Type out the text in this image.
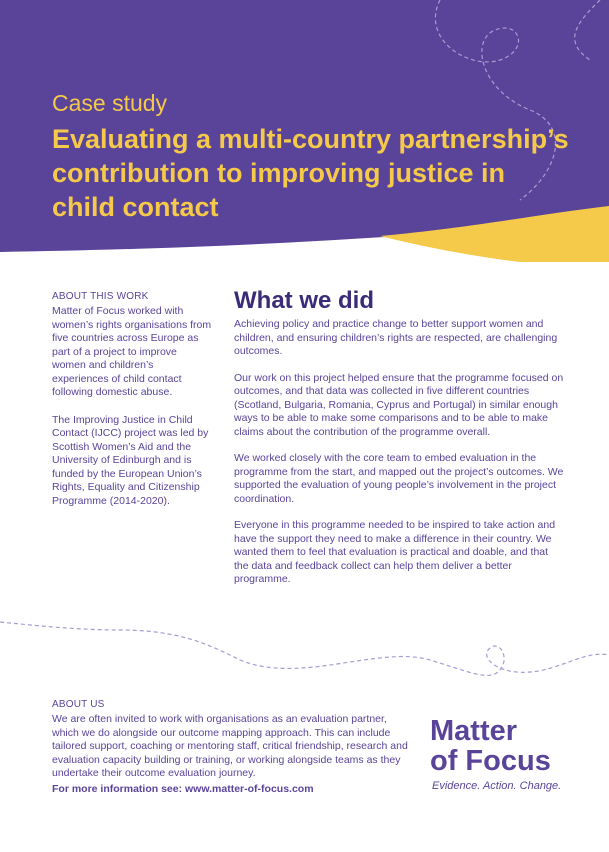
Case study
Evaluating a multi-country partnership’s contribution to improving justice in child contact
ABOUT THIS WORK

Matter of Focus worked with women’s rights organisations from five countries across Europe as part of a project to improve women and children’s experiences of child contact following domestic abuse.

The Improving Justice in Child Contact (IJCC) project was led by Scottish Women’s Aid and the University of Edinburgh and is funded by the European Union’s Rights, Equality and Citizenship Programme (2014-2020).

What we did

Achieving policy and practice change to better support women and children, and ensuring children’s rights are respected, are challenging outcomes.

Our work on this project helped ensure that the programme focused on outcomes, and that data was collected in five different countries (Scotland, Bulgaria, Romania, Cyprus and Portugal) in similar enough ways to be able to make some comparisons and to be able to make claims about the contribution of the programme overall.

We worked closely with the core team to embed evaluation in the programme from the start, and mapped out the project’s outcomes. We supported the evaluation of young people’s involvement in the project coordination.

Everyone in this programme needed to be inspired to take action and have the support they need to make a difference in their country. We wanted them to feel that evaluation is practical and doable, and that the data and feedback collect can help them deliver a better programme.

ABOUT US

We are often invited to work with organisations as an evaluation partner, which we do alongside our outcome mapping approach. This can include tailored support, coaching or mentoring staff, critical friendship, research and evaluation capacity building or training, or working alongside teams as they undertake their outcome evaluation journey.

For more information see: www.matter-of-focus.com
Matter
of Focus
Evidence. Action. Change.
